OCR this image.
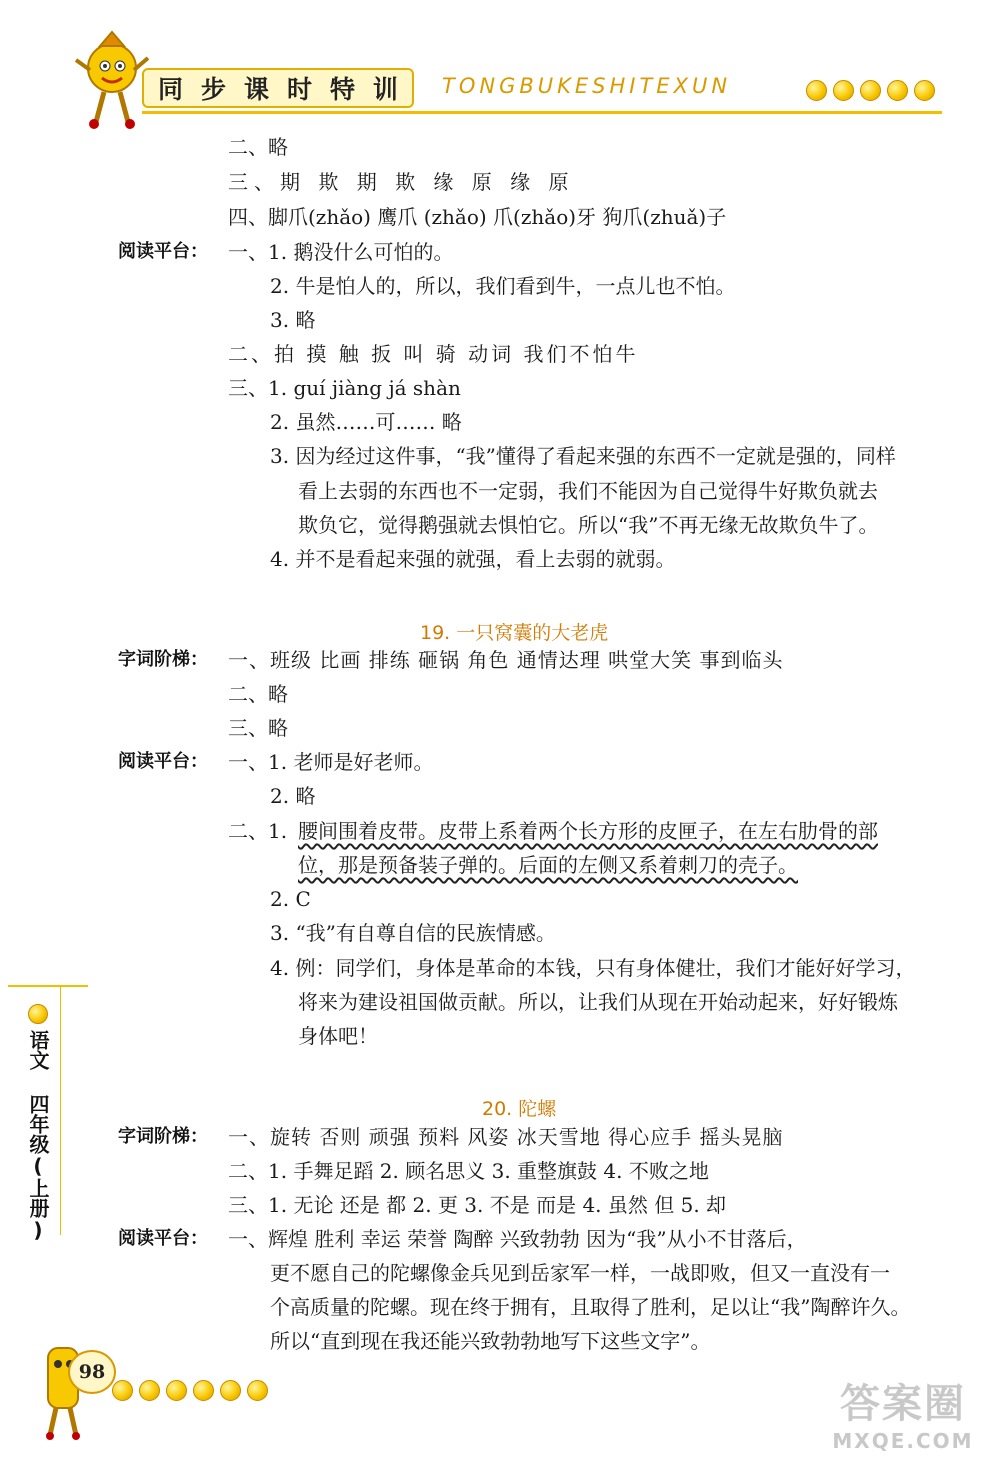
同 步 课 时 特 训 TONGBUKESHITEXUN
二、略
三、期 欺 期 欺 缘 原 缘 原
四、脚爪(zhǎo) 鹰爪 (zhǎo) 爪(zhǎo)牙 狗爪(zhuǎ)子
阅读平台： 一、1. 鹅没什么可怕的。
2. 牛是怕人的，所以，我们看到牛，一点儿也不怕。
3. 略
二、拍 摸 触 扳 叫 骑 动词 我们不怕牛
三、1. guí jiàng já shàn
2. 虽然……可…… 略
3. 因为经过这件事，“我”懂得了看起来强的东西不一定就是强的，同样
看上去弱的东西也不一定弱，我们不能因为自己觉得牛好欺负就去
欺负它，觉得鹅强就去惧怕它。所以“我”不再无缘无故欺负牛了。
4. 并不是看起来强的就强，看上去弱的就弱。
19. 一只窝囊的大老虎
字词阶梯： 一、班级 比画 排练 砸锅 角色 通情达理 哄堂大笑 事到临头
二、略
三、略
阅读平台： 一、1. 老师是好老师。
2. 略
二、1. 腰间围着皮带。皮带上系着两个长方形的皮匣子，在左右肋骨的部
位，那是预备装子弹的。后面的左侧又系着刺刀的壳子。
2. C
3. “我”有自尊自信的民族情感。
4. 例：同学们，身体是革命的本钱，只有身体健壮，我们才能好好学习，
将来为建设祖国做贡献。所以，让我们从现在开始动起来，好好锻炼
身体吧！
20. 陀螺
字词阶梯： 一、旋转 否则 顽强 预料 风姿 冰天雪地 得心应手 摇头晃脑
二、1. 手舞足蹈 2. 顾名思义 3. 重整旗鼓 4. 不败之地
三、1. 无论 还是 都 2. 更 3. 不是 而是 4. 虽然 但 5. 却
阅读平台： 一、辉煌 胜利 幸运 荣誉 陶醉 兴致勃勃 因为“我”从小不甘落后，
更不愿自己的陀螺像金兵见到岳家军一样，一战即败，但又一直没有一
个高质量的陀螺。现在终于拥有，且取得了胜利，足以让“我”陶醉许久。
所以“直到现在我还能兴致勃勃地写下这些文字”。
语文 四年级(上册)
98
答案圈
MXQE.COM
